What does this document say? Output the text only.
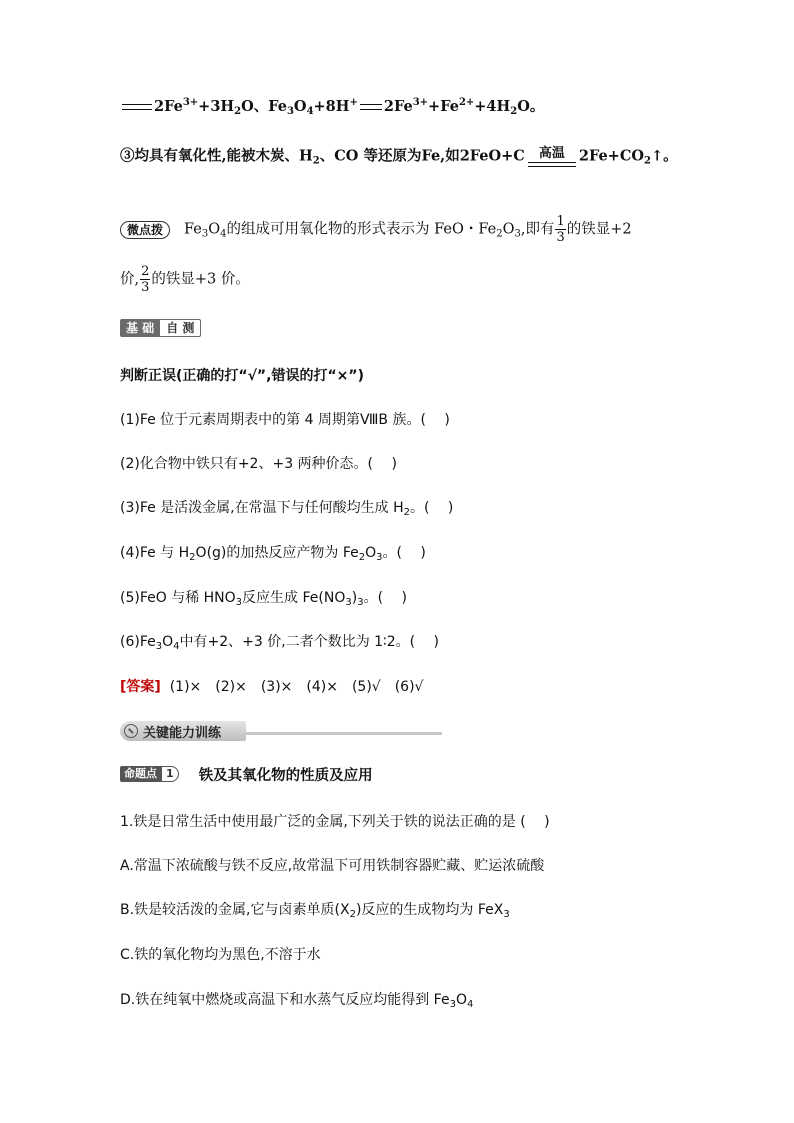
$2Fe^{3+}+3H_2O$、$Fe_3O_4+8H^+$ $2Fe^{3+}+Fe^{2+}+4H_2O$。
③均具有氧化性,能被木炭、$H_2$、CO 等还原为Fe,如2FeO+C	高温 $2Fe+CO_2↑$。
微点拨 $Fe_3O_4$的组成可用氧化物的形式表示为 FeO・$Fe_2O_3$,即有 $\frac{1}{3}$ 的铁显+2
价, $\frac{2}{3}$ 的铁显+3 价。
基 础	自 测
判断正误(正确的打“√”,错误的打“×”)
(1)Fe 位于元素周期表中的第 4 周期第ⅧB 族。(　 )
(2)化合物中铁只有+2、+3 两种价态。(　 )
(3)Fe 是活泼金属,在常温下与任何酸均生成 $H_2$。(　 )
(4)Fe 与 $H_2O(g)$的加热反应产物为 $Fe_2O_3$。(　 )
(5)FeO 与稀 $HNO_3$反应生成 $Fe(NO_3)_3$。(　 )
$(6)Fe_3O_4$中有+2、+3 价,二者个数比为 1∶2。(　 )
[答案] (1)×　(2)×　(3)×　(4)×　(5)√　(6)√
关键能力训练
命题点 1	铁及其氧化物的性质及应用
1.铁是日常生活中使用最广泛的金属,下列关于铁的说法正确的是 (　 )
A.常温下浓硫酸与铁不反应,故常温下可用铁制容器贮藏、贮运浓硫酸
B.铁是较活泼的金属,它与卤素单质$(X_2)$反应的生成物均为 FeX$_3$
C.铁的氧化物均为黑色,不溶于水
D.铁在纯氧中燃烧或高温下和水蒸气反应均能得到 $Fe_3O_4$
